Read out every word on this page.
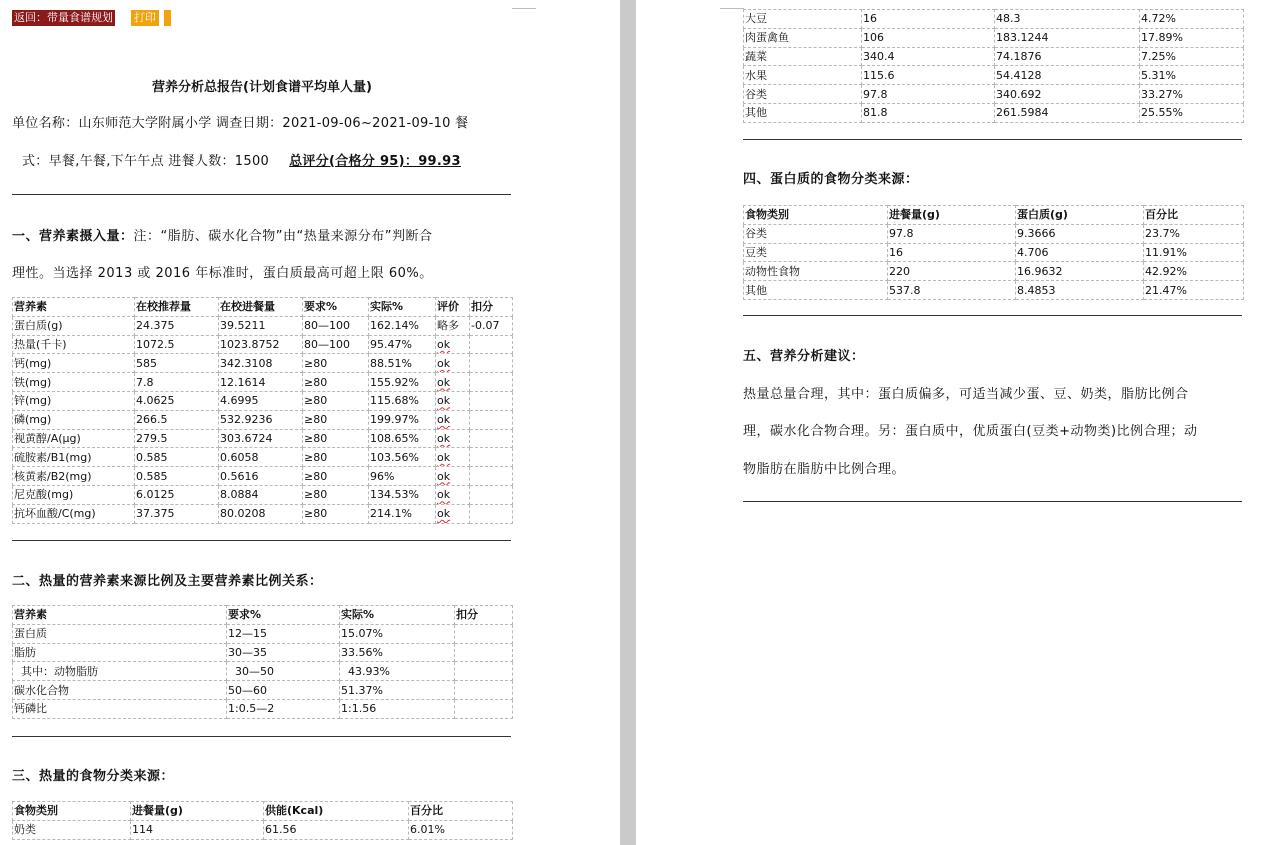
返回：带量食谱规划 打印
营养分析总报告(计划食谱平均单人量)
单位名称：山东师范大学附属小学 调查日期：2021-09-06~2021-09-10 餐
式：早餐,午餐,下午午点 进餐人数：1500 总评分(合格分 95)：99.93
一、营养素摄入量：注：“脂肪、碳水化合物”由“热量来源分布”判断合
理性。当选择 2013 或 2016 年标准时，蛋白质最高可超上限 60%。
营养素	在校推荐量	在校进餐量	要求%	实际%	评价	扣分
蛋白质(g)	24.375	39.5211	80—100	162.14%	略多	-0.07
热量(千卡)	1072.5	1023.8752	80—100	95.47%	ok	
钙(mg)	585	342.3108	≥80	88.51%	ok	
铁(mg)	7.8	12.1614	≥80	155.92%	ok	
锌(mg)	4.0625	4.6995	≥80	115.68%	ok	
磷(mg)	266.5	532.9236	≥80	199.97%	ok	
视黄醇/A(μg)	279.5	303.6724	≥80	108.65%	ok	
硫胺素/B1(mg)	0.585	0.6058	≥80	103.56%	ok	
核黄素/B2(mg)	0.585	0.5616	≥80	96%	ok	
尼克酸(mg)	6.0125	8.0884	≥80	134.53%	ok	
抗坏血酸/C(mg)	37.375	80.0208	≥80	214.1%	ok	
二、热量的营养素来源比例及主要营养素比例关系：
营养素	要求%	实际%	扣分
蛋白质	12—15	15.07%	
脂肪	30—35	33.56%	
其中：动物脂肪	30—50	43.93%	
碳水化合物	50—60	51.37%	
钙磷比	1:0.5—2	1:1.56	
三、热量的食物分类来源：
食物类别	进餐量(g)	供能(Kcal)	百分比
奶类	114	61.56	6.01%
大豆	16	48.3	4.72%
肉蛋禽鱼	106	183.1244	17.89%
蔬菜	340.4	74.1876	7.25%
水果	115.6	54.4128	5.31%
谷类	97.8	340.692	33.27%
其他	81.8	261.5984	25.55%
四、蛋白质的食物分类来源：
食物类别	进餐量(g)	蛋白质(g)	百分比
谷类	97.8	9.3666	23.7%
豆类	16	4.706	11.91%
动物性食物	220	16.9632	42.92%
其他	537.8	8.4853	21.47%
五、营养分析建议：
热量总量合理，其中：蛋白质偏多，可适当减少蛋、豆、奶类，脂肪比例合
理，碳水化合物合理。另：蛋白质中，优质蛋白(豆类+动物类)比例合理；动
物脂肪在脂肪中比例合理。
